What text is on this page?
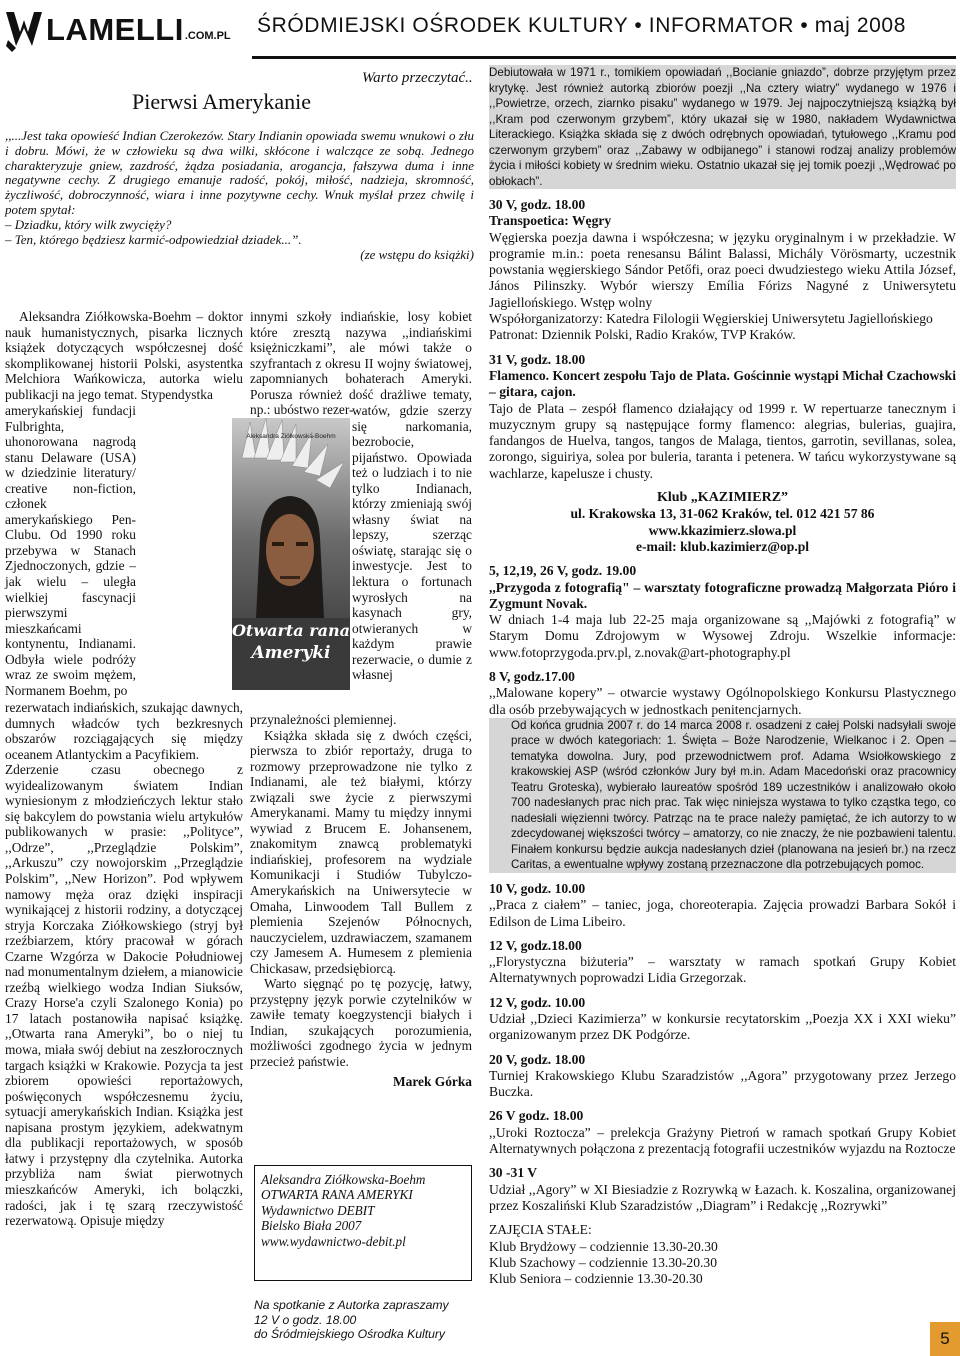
LAMELLI .COM.PL ŚRÓDMIEJSKI OŚRODEK KULTURY • INFORMATOR • maj 2008
Warto przeczytać..
Pierwsi Amerykanie
,,...Jest taka opowieść Indian Czerokezów. Stary Indianin opowiada swemu wnukowi o złu i dobru. Mówi, że w człowieku są dwa wilki, skłócone i walczące ze sobą. Jednego charakteryzuje gniew, zazdrość, żądza posiadania, arogancja, fałszywa duma i inne negatywne cechy. Z drugiego emanuje radość, pokój, miłość, nadzieja, skromność, życzliwość, dobroczynność, wiara i inne pozytywne cechy. Wnuk myślał przez chwilę i potem spytał:
– Dziadku, który wilk zwycięży?
– Ten, którego będziesz karmić-odpowiedział dziadek...”.
(ze wstępu do książki)

Aleksandra Ziółkowska-Boehm – doktor nauk humanistycznych, pisarka licznych książek dotyczących współczesnej dość skomplikowanej historii Polski, asystentka Melchiora Wańkowicza, autorka wielu publikacji na jego temat. Stypendystka

amerykańskiej fundacji Fulbrighta, uhonorowana nagrodą stanu Delaware (USA) w dziedzinie literatury/ creative non-fiction, członek amerykańskiego Pen-Clubu. Od 1990 roku przebywa w Stanach Zjednoczonych, gdzie – jak wielu – uległa wielkiej fascynacji pierwszymi mieszkańcami kontynentu, Indianami. Odbyła wiele podróży wraz ze swoim mężem, Normanem Boehm, po

rezerwatach indiańskich, szukając dawnych, dumnych władców tych bezkresnych obszarów rozciągających się między oceanem Atlantyckim a Pacyfikiem.

Zderzenie czasu obecnego z wyidealizowanym światem Indian wyniesionym z młodzieńczych lektur stało się bakcylem do powstania wielu artykułów publikowanych w prasie: ,,Polityce”, ,,Odrze”, ,,Przeglądzie Polskim”, ,,Arkuszu” czy nowojorskim ,,Przeglądzie Polskim”, ,,New Horizon”. Pod wpływem namowy męża oraz dzięki inspiracji wynikającej z historii rodziny, a dotyczącej stryja Korczaka Ziółkowskiego (stryj był rzeźbiarzem, który pracował w górach Czarne Wzgórza w Dakocie Południowej nad monumentalnym dziełem, a mianowicie rzeźbą wielkiego wodza Indian Siuksów, Crazy Horse'a czyli Szalonego Konia) po 17 latach postanowiła napisać książkę. ,,Otwarta rana Ameryki”, bo o niej tu mowa, miała swój debiut na zeszłorocznych targach książki w Krakowie. Pozycja ta jest zbiorem opowieści reportażowych, poświęconych współczesnemu życiu, sytuacji amerykańskich Indian. Książka jest napisana prostym językiem, adekwatnym dla publikacji reportażowych, w sposób łatwy i przystępny dla czytelnika. Autorka przybliża nam świat pierwotnych mieszkańców Ameryki, ich bolączki, radości, jak i tę szarą rzeczywistość rezerwatową. Opisuje między

innymi szkoły indiańskie, losy kobiet które zresztą nazywa ,,indiańskimi księżniczkami”, ale mówi także o szyfrantach z okresu II wojny światowej, zapomnianych bohaterach Ameryki. Porusza również dość drażliwe tematy, np.: ubóstwo rezer-
watów, gdzie szerzy się narkomania, bezrobocie, pijaństwo. Opowiada też o ludziach i to nie tylko Indianach, którzy zmieniają swój własny świat na lepszy, szerząc oświatę, starając się o inwestycje. Jest to lektura o fortunach wyrosłych na kasynach gry, otwieranych w każdym prawie rezerwacie, o dumie z własnej

przynależności plemiennej.

Książka składa się z dwóch części, pierwsza to zbiór reportaży, druga to rozmowy przeprowadzone nie tylko z Indianami, ale też białymi, którzy związali swe życie z pierwszymi Amerykanami. Mamy tu między innymi wywiad z Brucem E. Johansenem, znakomitym znawcą problematyki indiańskiej, profesorem na wydziale Komunikacji i Studiów Tubylczo-Amerykańskich na Uniwersytecie w Omaha, Linwoodem Tall Bullem z plemienia Szejenów Północnych, nauczycielem, uzdrawiaczem, szamanem czy Jamesem A. Humesem z plemienia Chickasaw, przedsiębiorcą.

Warto sięgnąć po tę pozycję, łatwy, przystępny język porwie czytelników w zawiłe tematy koegzystencji białych i Indian, szukających porozumienia, możliwości zgodnego życia w jednym przecież państwie.

Marek Górka
Aleksandra Ziółkowska-Boehm
Otwarta rana
Ameryki
Aleksandra Ziółkowska-Boehm
OTWARTA RANA AMERYKI
Wydawnictwo DEBIT
Bielsko Biała 2007
www.wydawnictwo-debit.pl
Na spotkanie z Autorka zapraszamy
12 V o godz. 18.00
do Śródmiejskiego Ośrodka Kultury
Debiutowała w 1971 r., tomikiem opowiadań ,,Bocianie gniazdo”, dobrze przyjętym przez krytykę. Jest również autorką zbiorów poezji ,,Na cztery wiatry” wydanego w 1976 i ,,Powietrze, orzech, ziarnko pisaku” wydanego w 1979. Jej najpoczytniejszą książką był ,,Kram pod czerwonym grzybem”, który ukazał się w 1980, nakładem Wydawnictwa Literackiego. Książka składa się z dwóch odrębnych opowiadań, tytułowego ,,Kramu pod czerwonym grzybem” oraz ,,Zabawy w odbijanego” i stanowi rodzaj analizy problemów życia i miłości kobiety w średnim wieku. Ostatnio ukazał się jej tomik poezji ,,Wędrować po obłokach”.
30 V, godz. 18.00
Transpoetica: Węgry
Węgierska poezja dawna i współczesna; w języku oryginalnym i w przekładzie. W programie m.in.: poeta renesansu Bálint Balassi, Michály Vörösmarty, uczestnik powstania węgierskiego Sándor Petőfi, oraz poeci dwudziestego wieku Attila József, János Pilinszky. Wybór wierszy Emília Fórizs Nagyné z Uniwersytetu Jagiellońskiego. Wstęp wolny
Współorganizatorzy: Katedra Filologii Węgierskiej Uniwersytetu Jagiellońskiego
Patronat: Dziennik Polski, Radio Kraków, TVP Kraków.
31 V, godz. 18.00
Flamenco. Koncert zespołu Tajo de Plata. Gościnnie wystąpi Michał Czachowski – gitara, cajon.
Tajo de Plata – zespół flamenco działający od 1999 r. W repertuarze tanecznym i muzycznym grupy są następujące formy flamenco: alegrias, bulerias, guajira, fandangos de Huelva, tangos, tangos de Malaga, tientos, garrotin, sevillanas, solea, zorongo, siguiriya, solea por buleria, taranta i petenera. W tańcu wykorzystywane są wachlarze, kapelusze i chusty.
Klub „KAZIMIERZ”
ul. Krakowska 13, 31-062 Kraków, tel. 012 421 57 86
www.kkazimierz.slowa.pl
e-mail: klub.kazimierz@op.pl
5, 12,19, 26 V, godz. 19.00
,,Przygoda z fotografią" – warsztaty fotograficzne prowadzą Małgorzata Pióro i Zygmunt Novak.
W dniach 1-4 maja lub 22-25 maja organizowane są ,,Majówki z fotografią” w Starym Domu Zdrojowym w Wysowej Zdroju. Wszelkie informacje: www.fotoprzygoda.prv.pl, z.novak@art-photography.pl
8 V, godz.17.00
,,Malowane kopery” – otwarcie wystawy Ogólnopolskiego Konkursu Plastycznego dla osób przebywających w jednostkach penitencjarnych.
Od końca grudnia 2007 r. do 14 marca 2008 r. osadzeni z całej Polski nadsyłali swoje prace w dwóch kategoriach: 1. Święta – Boże Narodzenie, Wielkanoc i 2. Open – tematyka dowolna. Jury, pod przewodnictwem prof. Adama Wsiołkowskiego z krakowskiej ASP (wśród członków Jury był m.in. Adam Macedoński oraz pracownicy Teatru Groteska), wybierało laureatów spośród 189 uczestników i analizowało około 700 nadesłanych prac nich prac. Tak więc niniejsza wystawa to tylko cząstka tego, co nadesłali więzienni twórcy. Patrząc na te prace należy pamiętać, że ich autorzy to w zdecydowanej większości twórcy – amatorzy, co nie znaczy, że nie pozbawieni talentu. Finałem konkursu będzie aukcja nadesłanych dzieł (planowana na jesień br.) na rzecz Caritas, a ewentualne wpływy zostaną przeznaczone dla potrzebujących pomoc.
10 V, godz. 10.00
,,Praca z ciałem” – taniec, joga, choreoterapia. Zajęcia prowadzi Barbara Sokół i Edilson de Lima Libeiro.
12 V, godz.18.00
,,Florystyczna biżuteria” – warsztaty w ramach spotkań Grupy Kobiet Alternatywnych poprowadzi Lidia Grzegorzak.
12 V, godz. 10.00
Udział ,,Dzieci Kazimierza” w konkursie recytatorskim ,,Poezja XX i XXI wieku” organizowanym przez DK Podgórze.
20 V, godz. 18.00
Turniej Krakowskiego Klubu Szaradzistów ,,Agora” przygotowany przez Jerzego Buczka.
26 V godz. 18.00
,,Uroki Roztocza” – prelekcja Grażyny Pietroń w ramach spotkań Grupy Kobiet Alternatywnych połączona z prezentacją fotografii uczestników wyjazdu na Roztocze
30 -31 V
Udział ,,Agory” w XI Biesiadzie z Rozrywką w Łazach. k. Koszalina, organizowanej przez Koszaliński Klub Szaradzistów ,,Diagram” i Redakcję ,,Rozrywki”
ZAJĘCIA STAŁE:
Klub Brydżowy – codziennie 13.30-20.30
Klub Szachowy – codziennie 13.30-20.30
Klub Seniora – codziennie 13.30-20.30
5
